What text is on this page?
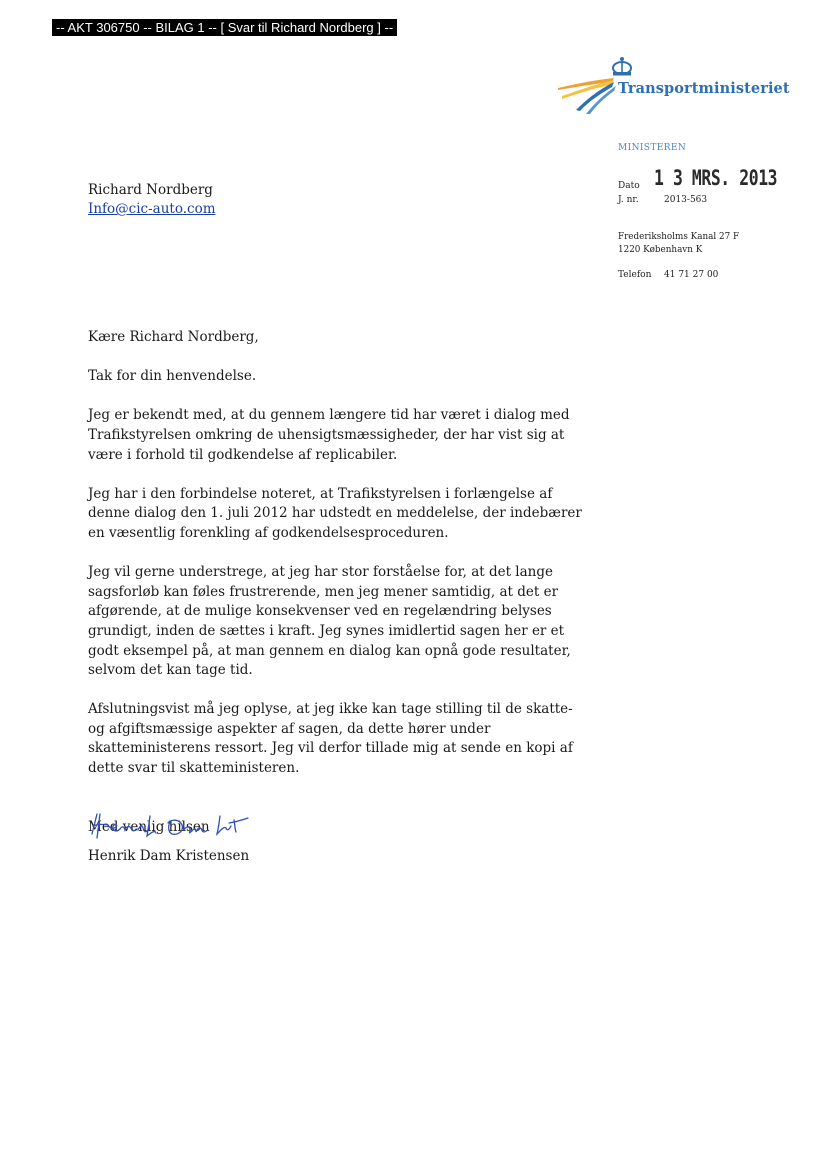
-- AKT 306750 -- BILAG 1 -- [ Svar til Richard Nordberg ] --
Transportministeriet
MINISTEREN
Dato 1 3 MRS. 2013
J. nr.	2013-563
Frederiksholms Kanal 27 F
1220 København K
Telefon 41 71 27 00
Richard Nordberg
Info@cic-auto.com

Kære Richard Nordberg,

Tak for din henvendelse.

Jeg er bekendt med, at du gennem længere tid har været i dialog med Trafikstyrelsen omkring de uhensigtsmæssigheder, der har vist sig at være i forhold til godkendelse af replicabiler.

Jeg har i den forbindelse noteret, at Trafikstyrelsen i forlængelse af denne dialog den 1. juli 2012 har udstedt en meddelelse, der indebærer en væsentlig forenkling af godkendelsesproceduren.

Jeg vil gerne understrege, at jeg har stor forståelse for, at det lange sagsforløb kan føles frustrerende, men jeg mener samtidig, at det er afgørende, at de mulige konsekvenser ved en regelændring belyses grundigt, inden de sættes i kraft. Jeg synes imidlertid sagen her er et godt eksempel på, at man gennem en dialog kan opnå gode resultater, selvom det kan tage tid.

Afslutningsvist må jeg oplyse, at jeg ikke kan tage stilling til de skatte- og afgiftsmæssige aspekter af sagen, da dette hører under skatteministerens ressort. Jeg vil derfor tillade mig at sende en kopi af dette svar til skatteministeren.

Med venlig hilsen

Henrik Dam Kristensen
